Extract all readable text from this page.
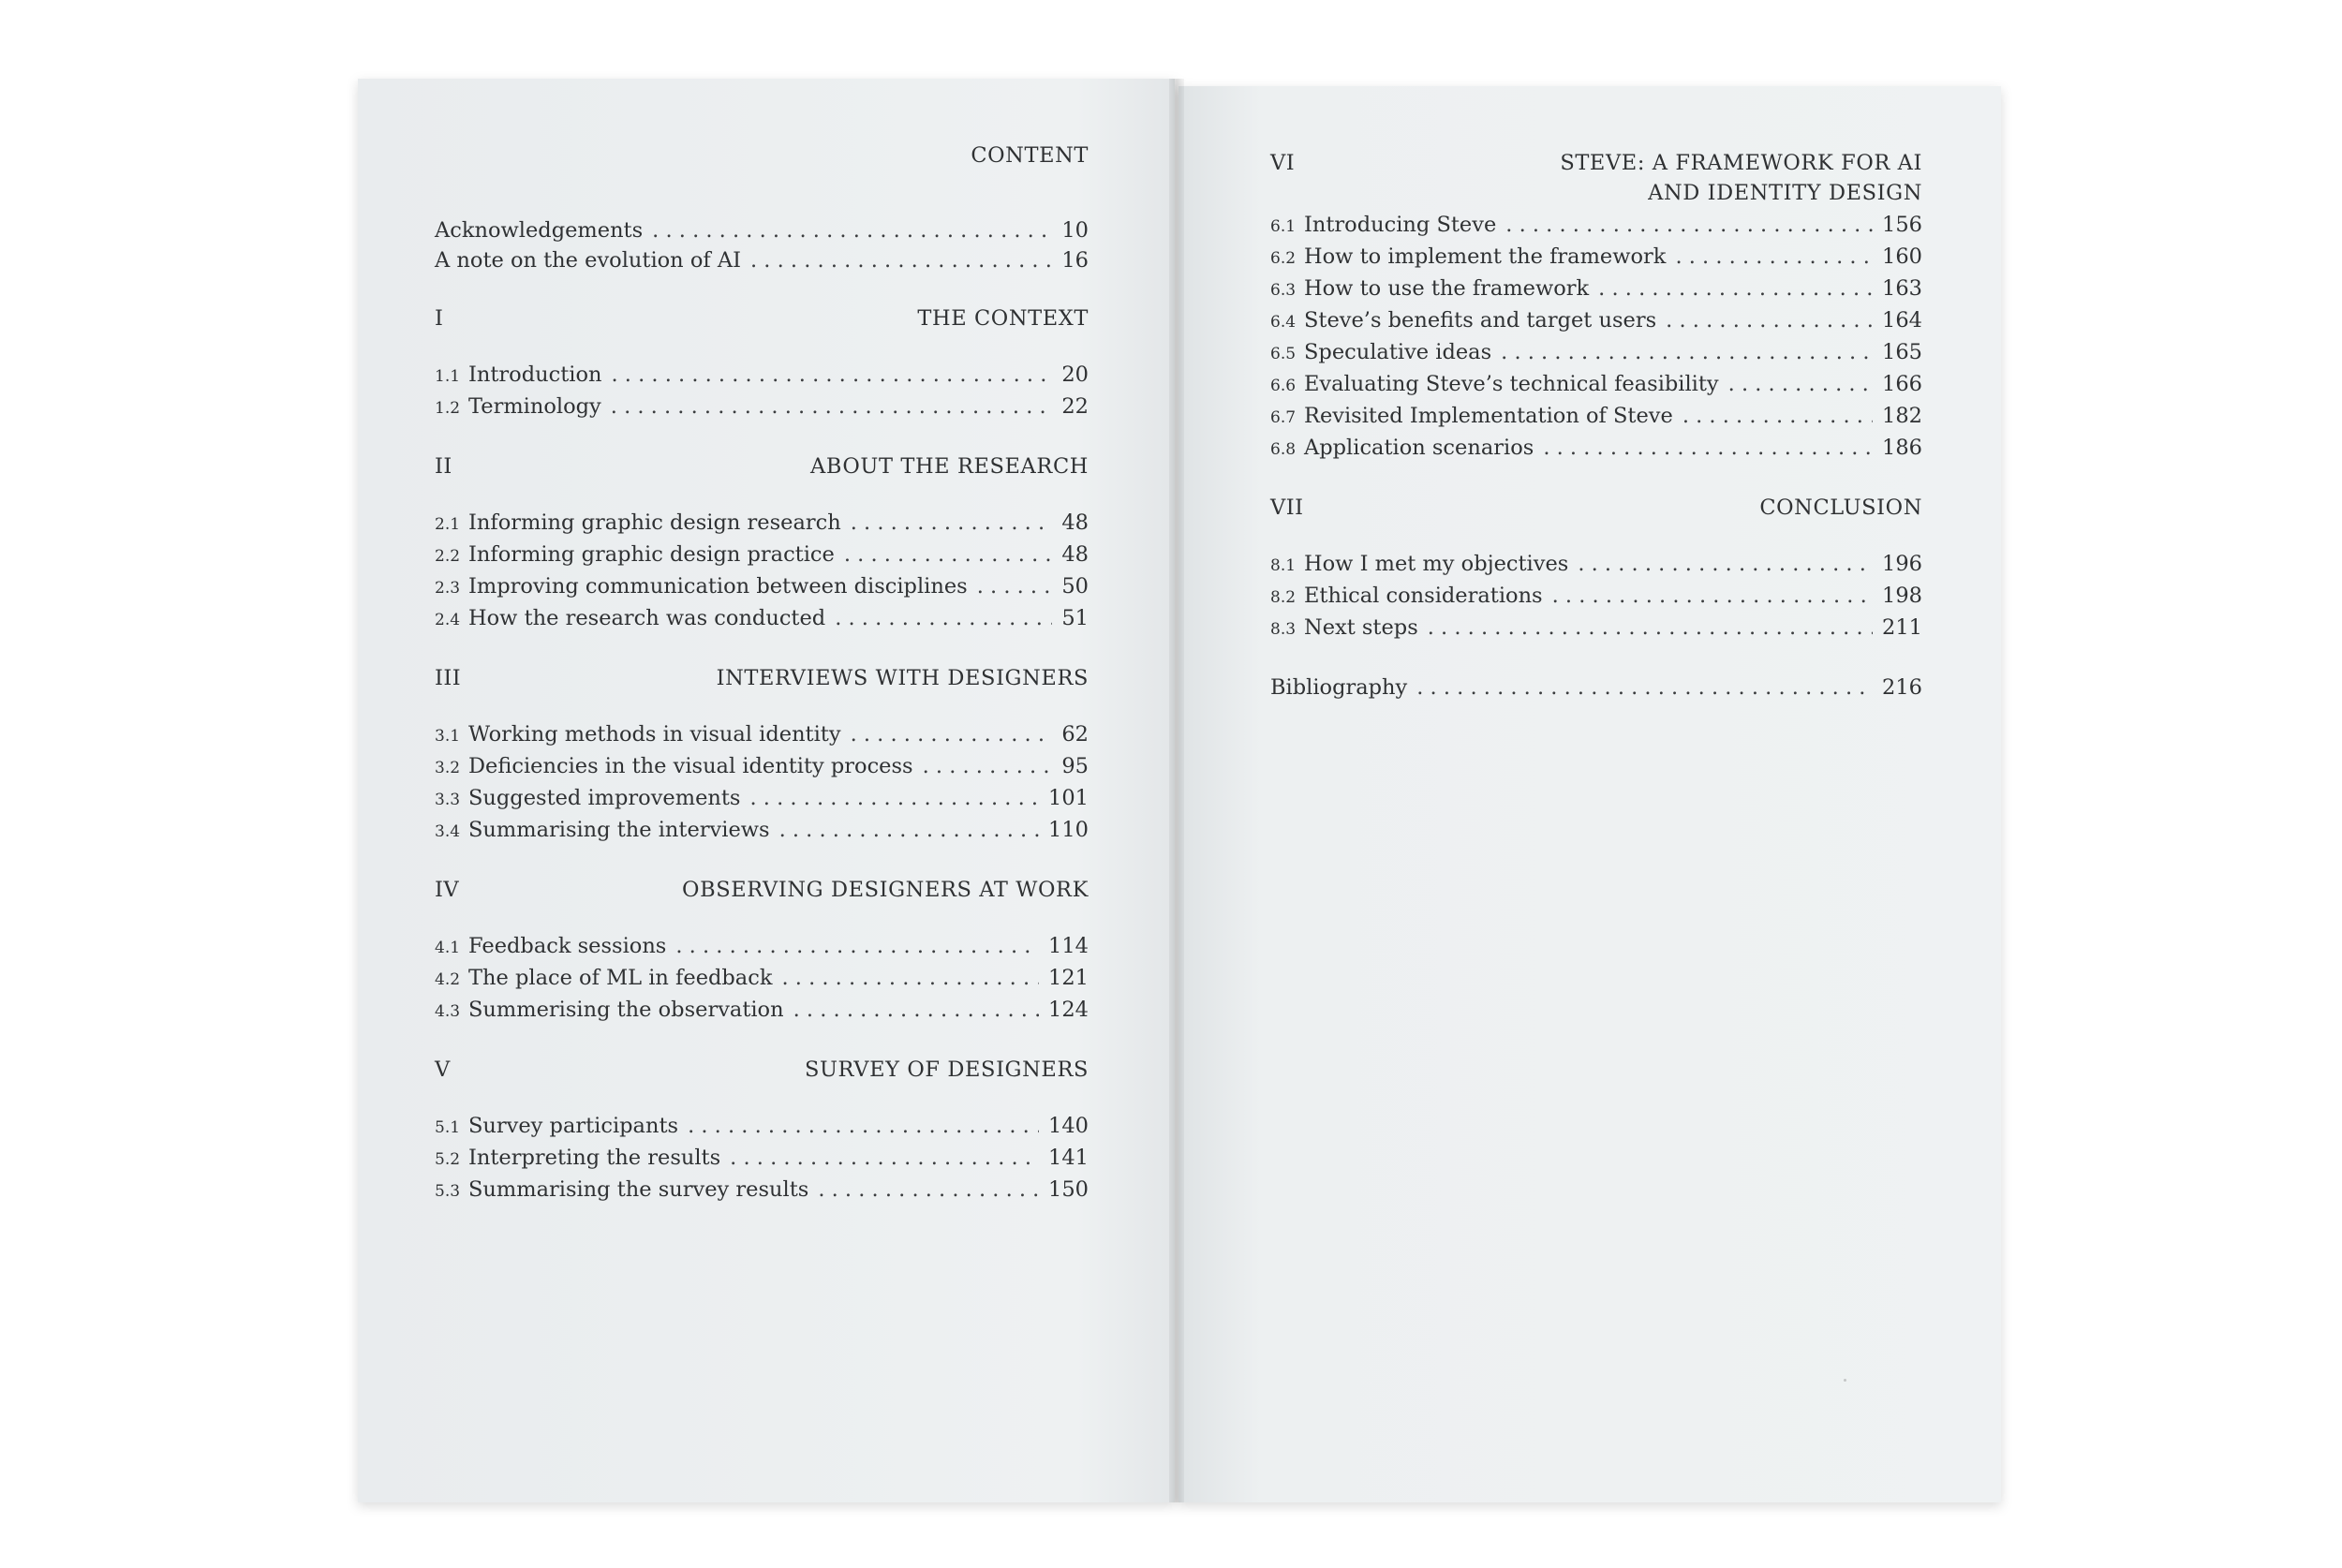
CONTENT
Acknowledgements . . .	10
A note on the evolution of AI . . .	16
I	THE CONTEXT
1.1 Introduction . . .	20
1.2 Terminology . . .	22
II	ABOUT THE RESEARCH
2.1 Informing graphic design research . . .	48
2.2 Informing graphic design practice . . .	48
2.3 Improving communication between disciplines . . .	50
2.4 How the research was conducted . . .	51
III	INTERVIEWS WITH DESIGNERS
3.1 Working methods in visual identity . . .	62
3.2 Deficiencies in the visual identity process . . .	95
3.3 Suggested improvements . . .	101
3.4 Summarising the interviews . . .	110
IV	OBSERVING DESIGNERS AT WORK
4.1 Feedback sessions . . .	114
4.2 The place of ML in feedback . . .	121
4.3 Summerising the observation . . .	124
V	SURVEY OF DESIGNERS
5.1 Survey participants . . .	140
5.2 Interpreting the results . . .	141
5.3 Summarising the survey results . . .	150
VI	STEVE: A FRAMEWORK FOR AI
AND IDENTITY DESIGN
6.1 Introducing Steve . . .	156
6.2 How to implement the framework . . .	160
6.3 How to use the framework . . .	163
6.4 Steve’s benefits and target users . . .	164
6.5 Speculative ideas . . .	165
6.6 Evaluating Steve’s technical feasibility . . .	166
6.7 Revisited Implementation of Steve . . .	182
6.8 Application scenarios . . .	186
VII	CONCLUSION
8.1 How I met my objectives . . .	196
8.2 Ethical considerations . . .	198
8.3 Next steps . . .	211
Bibliography . . .	216
